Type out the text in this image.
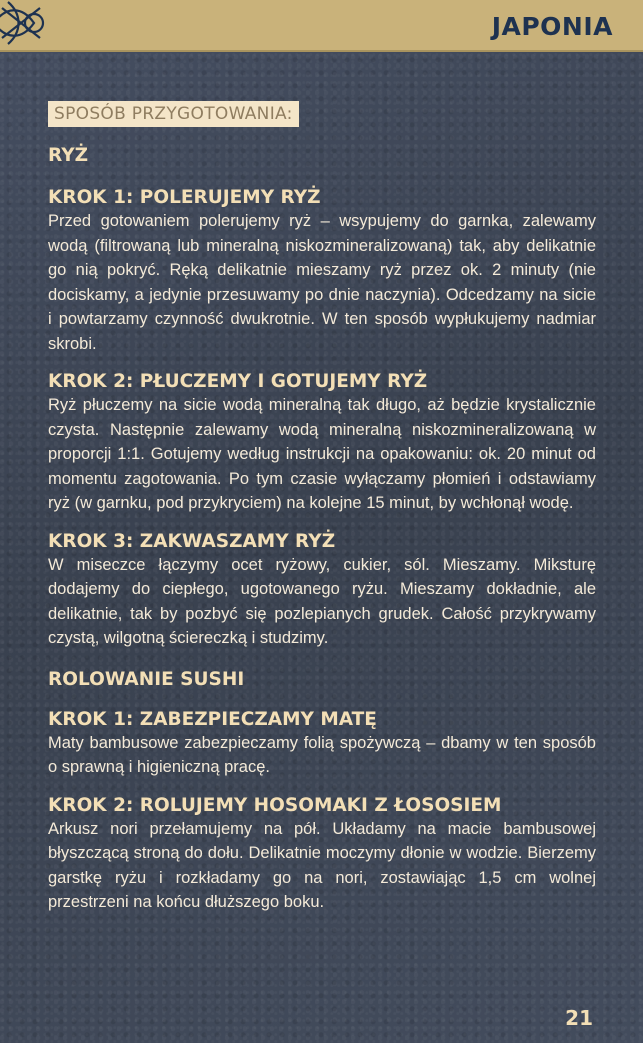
JAPONIA
SPOSÓB PRZYGOTOWANIA:
RYŻ
KROK 1: POLERUJEMY RYŻ

Przed gotowaniem polerujemy ryż – wsypujemy do garnka, zalewamy wodą (filtrowaną lub mineralną niskozmineralizowaną) tak, aby delikatnie go nią pokryć. Ręką delikatnie mieszamy ryż przez ok. 2 minuty (nie dociskamy, a jedynie przesuwamy po dnie naczynia). Odcedzamy na sicie i powtarzamy czynność dwukrotnie. W ten sposób wypłukujemy nadmiar skrobi.

KROK 2: PŁUCZEMY I GOTUJEMY RYŻ

Ryż płuczemy na sicie wodą mineralną tak długo, aż będzie krystalicznie czysta. Następnie zalewamy wodą mineralną niskozmineralizowaną w proporcji 1:1. Gotujemy według instrukcji na opakowaniu: ok. 20 minut od momentu zagotowania. Po tym czasie wyłączamy płomień i odstawiamy ryż (w garnku, pod przykryciem) na kolejne 15 minut, by wchłonął wodę.

KROK 3: ZAKWASZAMY RYŻ

W miseczce łączymy ocet ryżowy, cukier, sól. Mieszamy. Miksturę dodajemy do ciepłego, ugotowanego ryżu. Mieszamy dokładnie, ale delikatnie, tak by pozbyć się pozlepianych grudek. Całość przykrywamy czystą, wilgotną ściereczką i studzimy.

ROLOWANIE SUSHI
KROK 1: ZABEZPIECZAMY MATĘ

Maty bambusowe zabezpieczamy folią spożywczą – dbamy w ten sposób o sprawną i higieniczną pracę.

KROK 2: ROLUJEMY HOSOMAKI Z ŁOSOSIEM

Arkusz nori przełamujemy na pół. Układamy na macie bambusowej błyszczącą stroną do dołu. Delikatnie moczymy dłonie w wodzie. Bierzemy garstkę ryżu i rozkładamy go na nori, zostawiając 1,5 cm wolnej przestrzeni na końcu dłuższego boku.

21
